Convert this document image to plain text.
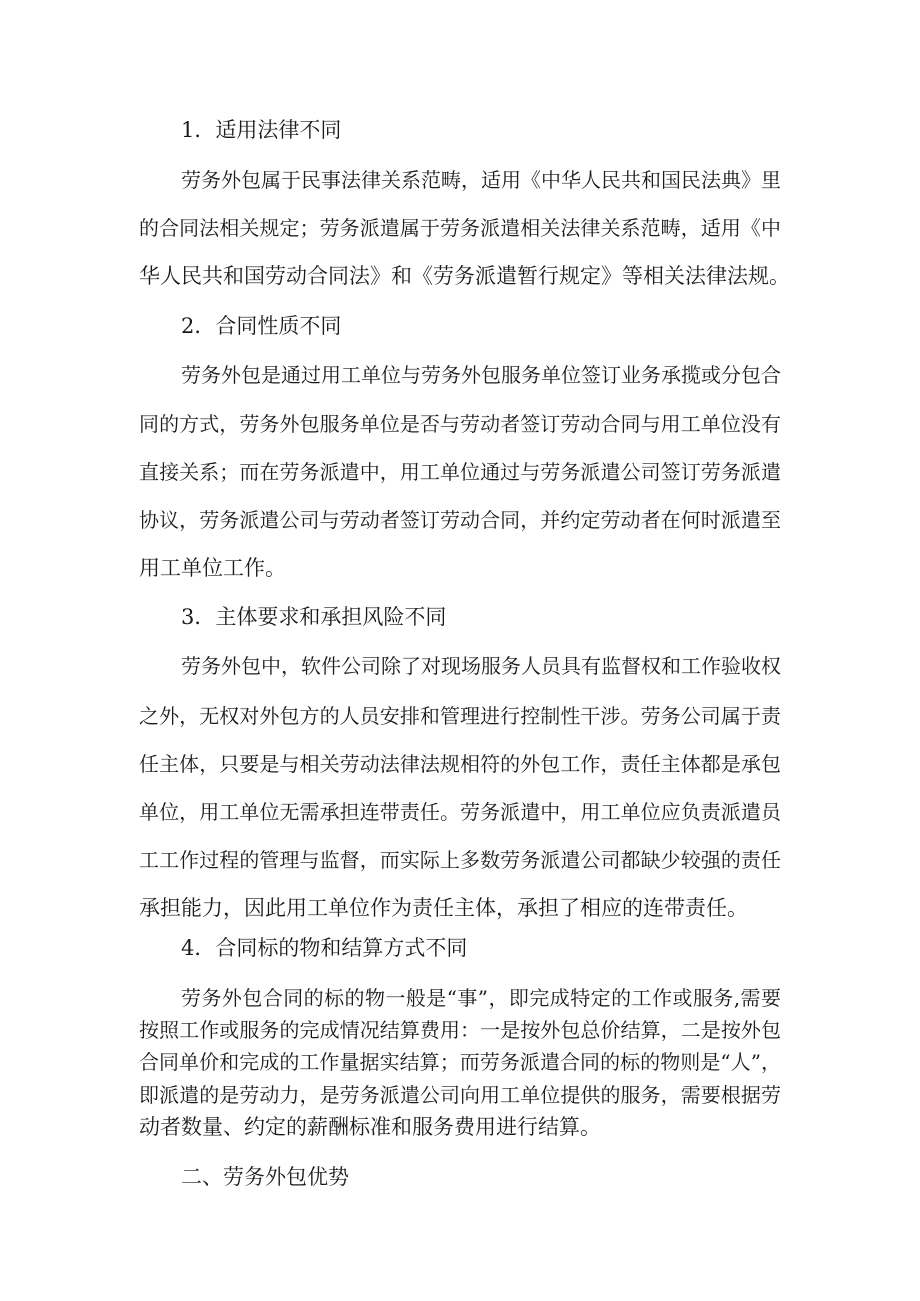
1．适用法律不同
劳 务 外 包 属 于 民 事 法 律 关 系 范 畴 ， 适 用 《 中 华 人 民 共 和 国 民 法 典 》 里
的 合 同 法 相 关 规 定 ； 劳 务 派 遣 属 于 劳 务 派 遣 相 关 法 律 关 系 范 畴 ， 适 用 《 中
华人民共和国劳动合同法》和《劳务派遣暂行规定》等相关法律法规。
2．合同性质不同
劳 务 外 包 是 通 过 用 工 单 位 与 劳 务 外 包 服 务 单 位 签 订 业 务 承 揽 或 分 包 合
同 的 方 式 ， 劳 务 外 包 服 务 单 位 是 否 与 劳 动 者 签 订 劳 动 合 同 与 用 工 单 位 没 有
直 接 关 系 ； 而 在 劳 务 派 遣 中 ， 用 工 单 位 通 过 与 劳 务 派 遣 公 司 签 订 劳 务 派 遣
协 议 ， 劳 务 派 遣 公 司 与 劳 动 者 签 订 劳 动 合 同 ， 并 约 定 劳 动 者 在 何 时 派 遣 至
用工单位工作。
3．主体要求和承担风险不同
劳 务 外 包 中 ， 软 件 公 司 除 了 对 现 场 服 务 人 员 具 有 监 督 权 和 工 作 验 收 权
之 外 ， 无 权 对 外 包 方 的 人 员 安 排 和 管 理 进 行 控 制 性 干 涉 。 劳 务 公 司 属 于 责
任 主 体 ， 只 要 是 与 相 关 劳 动 法 律 法 规 相 符 的 外 包 工 作 ， 责 任 主 体 都 是 承 包
单 位 ， 用 工 单 位 无 需 承 担 连 带 责 任 。 劳 务 派 遣 中 ， 用 工 单 位 应 负 责 派 遣 员
工 工 作 过 程 的 管 理 与 监 督 ， 而 实 际 上 多 数 劳 务 派 遣 公 司 都 缺 少 较 强 的 责 任
承担能力，因此用工单位作为责任主体，承担了相应的连带责任。
4．合同标的物和结算方式不同
劳 务 外 包 合 同 的 标 的 物 一 般 是 “ 事 ” ， 即 完 成 特 定 的 工 作 或 服 务 , 需 要
按 照 工 作 或 服 务 的 完 成 情 况 结 算 费 用 ： 一 是 按 外 包 总 价 结 算 ， 二 是 按 外 包
合 同 单 价 和 完 成 的 工 作 量 据 实 结 算 ； 而 劳 务 派 遣 合 同 的 标 的 物 则 是 “ 人 ” ，
即 派 遣 的 是 劳 动 力 ， 是 劳 务 派 遣 公 司 向 用 工 单 位 提 供 的 服 务 ， 需 要 根 据 劳
动者数量、约定的薪酬标准和服务费用进行结算。
二、劳务外包优势
